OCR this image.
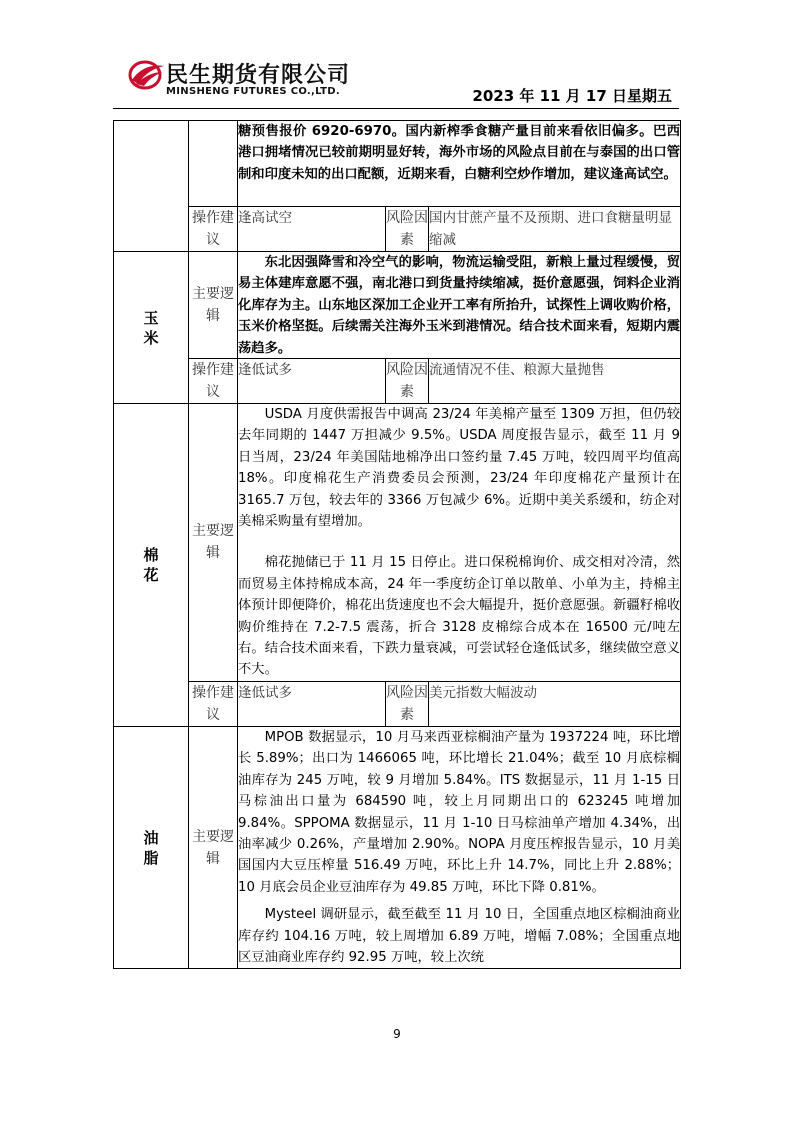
民生期货有限公司
MINSHENG FUTURES CO.,LTD.	2023 年 11 月 17 日星期五

		糖预售报价 6920-6970。国内新榨季食糖产量目前来看依旧偏多。巴西港口拥堵情况已较前期明显好转，海外市场的风险点目前在与泰国的出口管制和印度未知的出口配额，近期来看，白糖利空炒作增加，建议逢高试空。		

	操作建议	逢高试空	风险因素	国内甘蔗产量不及预期、进口食糖量明显缩减
玉米	主要逻辑	东北因强降雪和冷空气的影响，物流运输受阻，新粮上量过程缓慢，贸易主体建库意愿不强，南北港口到货量持续缩减，挺价意愿强，饲料企业消化库存为主。山东地区深加工企业开工率有所抬升，试探性上调收购价格，玉米价格坚挺。后续需关注海外玉米到港情况。结合技术面来看，短期内震荡趋多。		

	操作建议	逢低试多	风险因素	流通情况不佳、粮源大量抛售
棉花	主要逻辑	USDA 月度供需报告中调高 23/24 年美棉产量至 1309 万担，但仍较去年同期的 1447 万担减少 9.5%。USDA 周度报告显示，截至 11 月 9 日当周，23/24 年美国陆地棉净出口签约量 7.45 万吨，较四周平均值高 18%。印度棉花生产消费委员会预测，23/24 年印度棉花产量预计在 3165.7 万包，较去年的 3366 万包减少 6%。近期中美关系缓和，纺企对美棉采购量有望增加。

棉花抛储已于 11 月 15 日停止。进口保税棉询价、成交相对冷清，然而贸易主体持棉成本高，24 年一季度纺企订单以散单、小单为主，持棉主体预计即便降价，棉花出货速度也不会大幅提升，挺价意愿强。新疆籽棉收购价维持在 7.2-7.5 震荡，折合 3128 皮棉综合成本在 16500 元/吨左右。结合技术面来看，下跌力量衰减，可尝试轻仓逢低试多，继续做空意义不大。		

	操作建议	逢低试多	风险因素	美元指数大幅波动
油脂	主要逻辑	MPOB 数据显示，10 月马来西亚棕榈油产量为 1937224 吨，环比增长 5.89%；出口为 1466065 吨，环比增长 21.04%；截至 10 月底棕榈油库存为 245 万吨，较 9 月增加 5.84%。ITS 数据显示，11 月 1-15 日马棕油出口量为 684590 吨，较上月同期出口的 623245 吨增加 9.84%。SPPOMA 数据显示，11 月 1-10 日马棕油单产增加 4.34%，出油率减少 0.26%，产量增加 2.90%。NOPA 月度压榨报告显示，10 月美国国内大豆压榨量 516.49 万吨，环比上升 14.7%，同比上升 2.88%；10 月底会员企业豆油库存为 49.85 万吨，环比下降 0.81%。

Mysteel 调研显示，截至截至 11 月 10 日，全国重点地区棕榈油商业库存约 104.16 万吨，较上周增加 6.89 万吨，增幅 7.08%；全国重点地区豆油商业库存约 92.95 万吨，较上次统		

9
